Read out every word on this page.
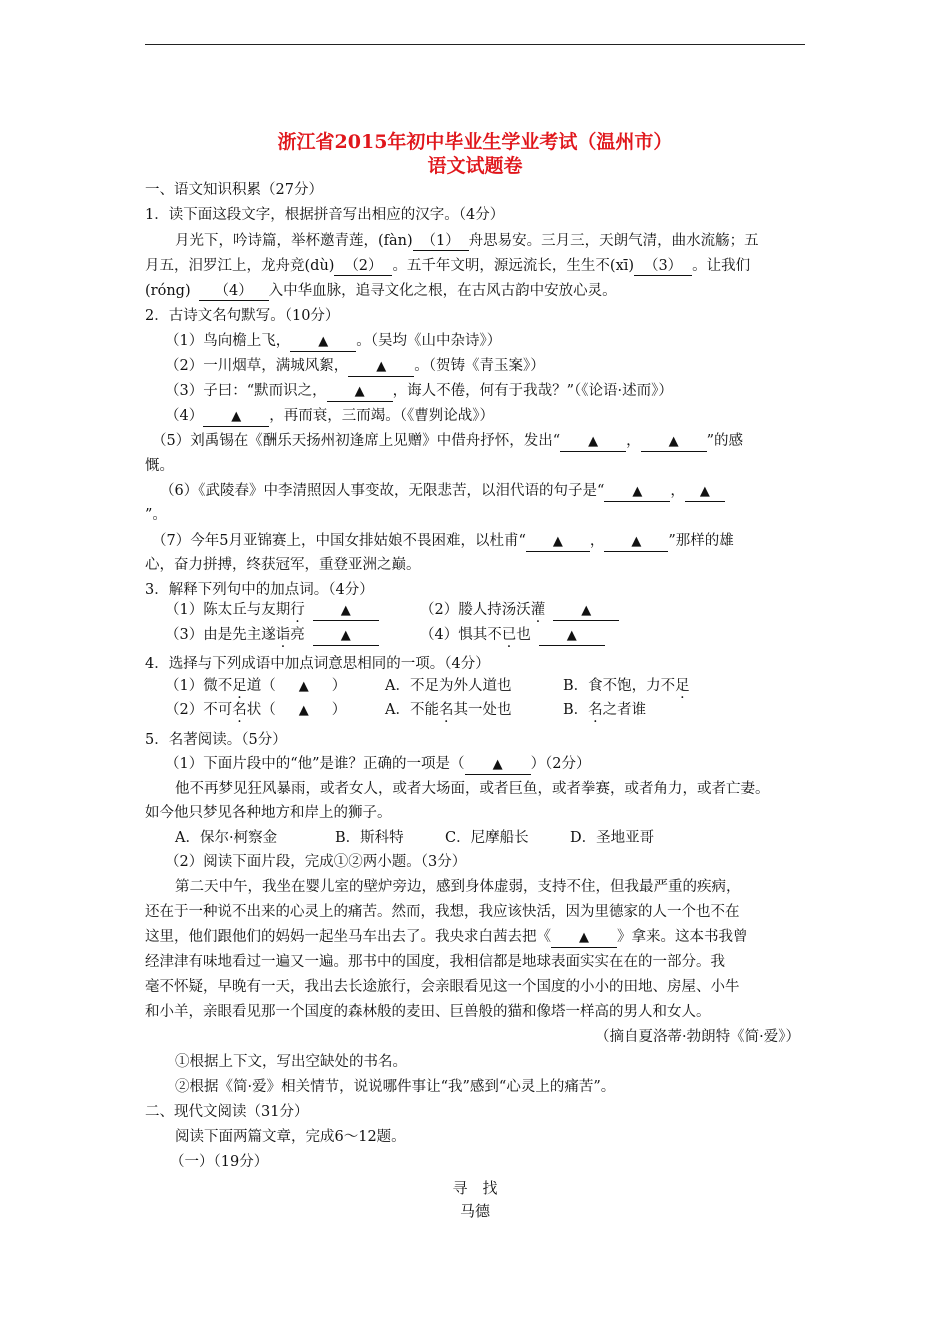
浙江省2015年初中毕业生学业考试（温州市）
语文试题卷
一、语文知识积累（27分）
1．读下面这段文字，根据拼音写出相应的汉字。（4分）
月光下，吟诗篇，举杯邀青莲，(fàn) （1） 舟思易安。三月三，天朗气清，曲水流觞；五
月五，汨罗江上，龙舟竞(dù) （2） 。五千年文明，源远流长，生生不(xī) （3） 。让我们
(róng) （4） 入中华血脉，追寻文化之根，在古风古韵中安放心灵。
2．古诗文名句默写。（10分）
（1）鸟向檐上飞， ▲ 。（吴均《山中杂诗》）
（2）一川烟草，满城风絮， ▲ 。（贺铸《青玉案》）
（3）子曰：“默而识之， ▲ ，诲人不倦，何有于我哉？”（《论语·述而》）
（4） ▲ ，再而衰，三而竭。（《曹刿论战》）
（5）刘禹锡在《酬乐天扬州初逢席上见赠》中借舟抒怀，发出“ ▲ ， ▲ ”的感
慨。
（6）《武陵春》中李清照因人事变故，无限悲苦，以泪代语的句子是“ ▲ ， ▲
”。
（7）今年5月亚锦赛上，中国女排姑娘不畏困难，以杜甫“ ▲ ， ▲ ”那样的雄
心，奋力拼搏，终获冠军，重登亚洲之巅。
3．解释下列句中的加点词。（4分）
（1）陈太丘与友期行	▲	（2）媵人持汤沃灌	▲
（3）由是先主遂诣亮	▲	（4）惧其不已也	▲
4．选择与下列成语中加点词意思相同的一项。（4分）
（1）微不足道（ ▲ ）	A．不足为外人道也	B．食不饱，力不足
（2）不可名状（ ▲ ）	A．不能名其一处也	B．名之者谁
5．名著阅读。（5分）
（1）下面片段中的“他”是谁？正确的一项是（ ▲ ）（2分）
他不再梦见狂风暴雨，或者女人，或者大场面，或者巨鱼，或者拳赛，或者角力，或者亡妻。
如今他只梦见各种地方和岸上的狮子。
A．保尔·柯察金	B．斯科特	C．尼摩船长	D．圣地亚哥
（2）阅读下面片段，完成①②两小题。（3分）
第二天中午，我坐在婴儿室的壁炉旁边，感到身体虚弱，支持不住，但我最严重的疾病，
还在于一种说不出来的心灵上的痛苦。然而，我想，我应该快活，因为里德家的人一个也不在
这里，他们跟他们的妈妈一起坐马车出去了。我央求白茜去把《 ▲ 》拿来。这本书我曾
经津津有味地看过一遍又一遍。那书中的国度，我相信都是地球表面实实在在的一部分。我
毫不怀疑，早晚有一天，我出去长途旅行，会亲眼看见这一个国度的小小的田地、房屋、小牛
和小羊，亲眼看见那一个国度的森林般的麦田、巨兽般的猫和像塔一样高的男人和女人。
（摘自夏洛蒂·勃朗特《简·爱》）
①根据上下文，写出空缺处的书名。
②根据《简·爱》相关情节，说说哪件事让“我”感到“心灵上的痛苦”。
二、现代文阅读（31分）
阅读下面两篇文章，完成6～12题。
（一）（19分）
寻　找
马德
